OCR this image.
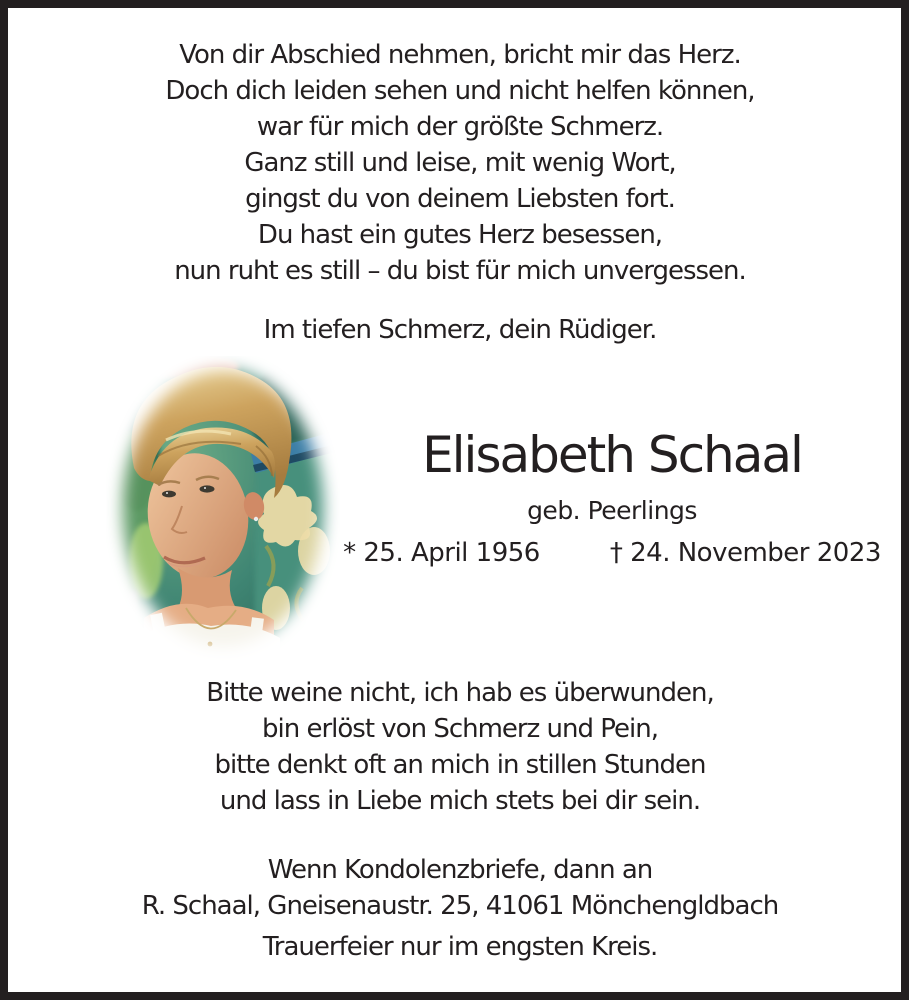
Von dir Abschied nehmen, bricht mir das Herz.
Doch dich leiden sehen und nicht helfen können,
war für mich der größte Schmerz.
Ganz still und leise, mit wenig Wort,
gingst du von deinem Liebsten fort.
Du hast ein gutes Herz besessen,
nun ruht es still – du bist für mich unvergessen.
Im tiefen Schmerz, dein Rüdiger.
Elisabeth Schaal
geb. Peerlings
* 25. April 1956	† 24. November 2023
Bitte weine nicht, ich hab es überwunden,
bin erlöst von Schmerz und Pein,
bitte denkt oft an mich in stillen Stunden
und lass in Liebe mich stets bei dir sein.
Wenn Kondolenzbriefe, dann an
R. Schaal, Gneisenaustr. 25, 41061 Mönchengldbach
Trauerfeier nur im engsten Kreis.
